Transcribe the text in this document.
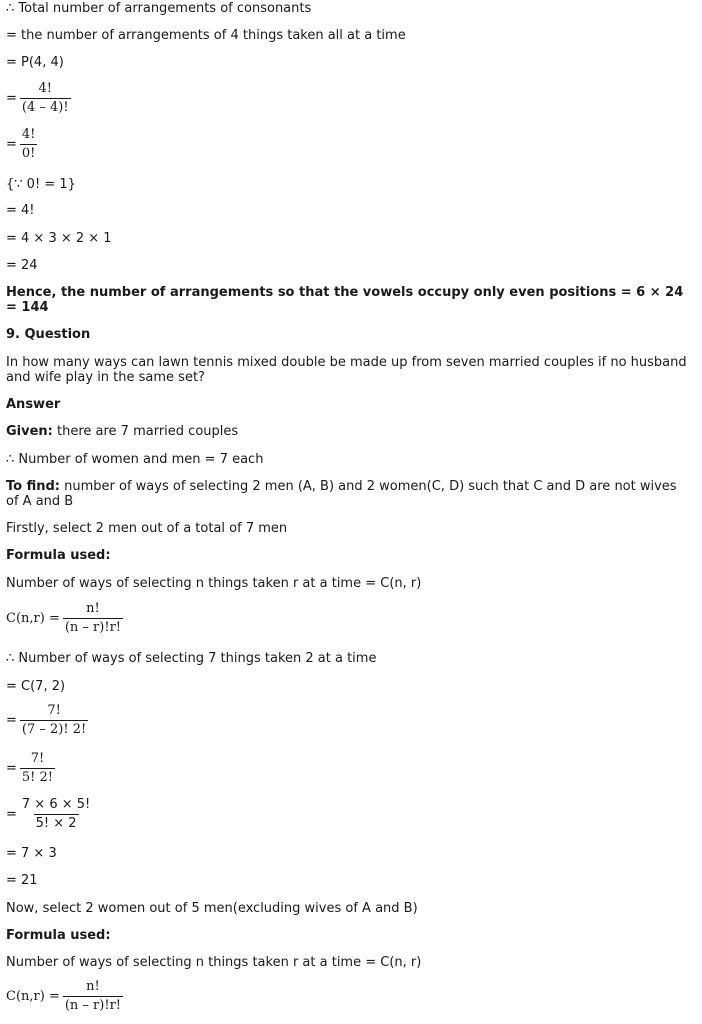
∴ Total number of arrangements of consonants
= the number of arrangements of 4 things taken all at a time
= P(4, 4)
= $\frac{4!}{(4 - 4)!}$
= $\frac{4!}{0!}$
{∵ 0! = 1}
= 4!
= 4 × 3 × 2 × 1
= 24
Hence, the number of arrangements so that the vowels occupy only even positions = 6 × 24 = 144
9. Question
In how many ways can lawn tennis mixed double be made up from seven married couples if no husband and wife play in the same set?
Answer
Given: there are 7 married couples
∴ Number of women and men = 7 each
To find: number of ways of selecting 2 men (A, B) and 2 women(C, D) such that C and D are not wives of A and B
Firstly, select 2 men out of a total of 7 men
Formula used:
Number of ways of selecting n things taken r at a time = C(n, r)
$C(n,r) = \frac{n!}{(n - r)!r!}$
∴ Number of ways of selecting 7 things taken 2 at a time
= C(7, 2)
= $\frac{7!}{(7 - 2)! 2!}$
= $\frac{7!}{5! 2!}$
= $\frac{7 \times 6 \times 5!}{5! \times 2}$
= 7 × 3
= 21
Now, select 2 women out of 5 men(excluding wives of A and B)
Formula used:
Number of ways of selecting n things taken r at a time = C(n, r)
$C(n,r) = \frac{n!}{(n - r)!r!}$
